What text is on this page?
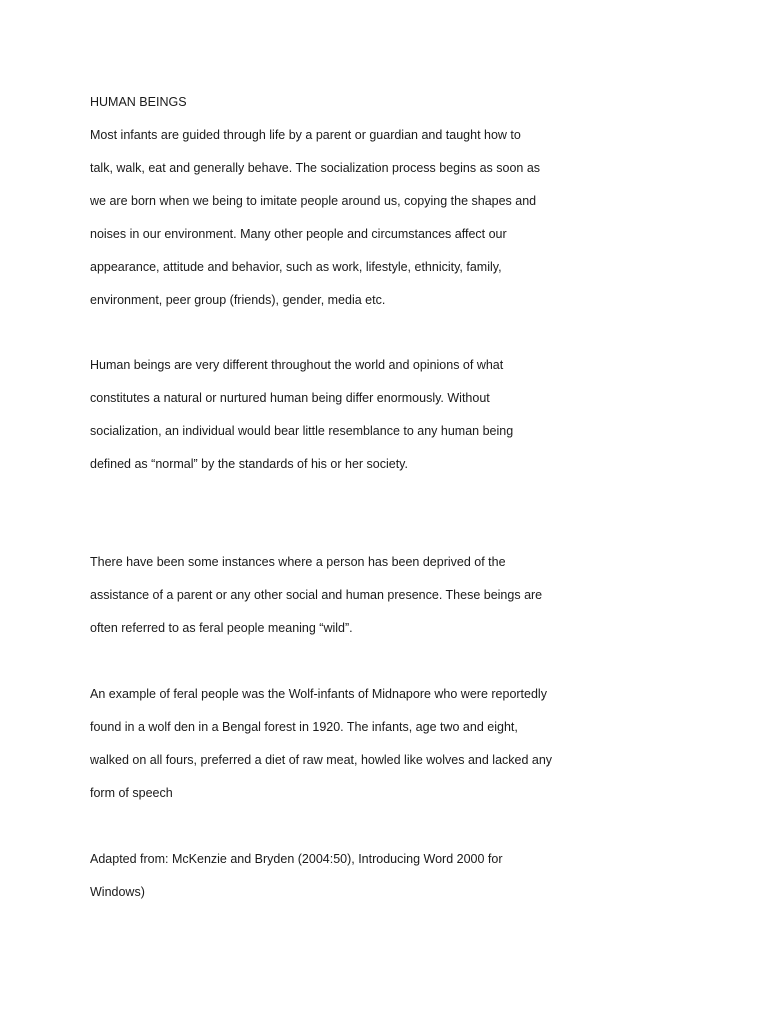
HUMAN BEINGS
Most infants are guided through life by a parent or guardian and taught how to
talk, walk, eat and generally behave. The socialization process begins as soon as
we are born when we being to imitate people around us, copying the shapes and
noises in our environment. Many other people and circumstances affect our
appearance, attitude and behavior, such as work, lifestyle, ethnicity, family,
environment, peer group (friends), gender, media etc.
Human beings are very different throughout the world and opinions of what
constitutes a natural or nurtured human being differ enormously. Without
socialization, an individual would bear little resemblance to any human being
defined as “normal” by the standards of his or her society.
There have been some instances where a person has been deprived of the
assistance of a parent or any other social and human presence. These beings are
often referred to as feral people meaning “wild”.
An example of feral people was the Wolf-infants of Midnapore who were reportedly
found in a wolf den in a Bengal forest in 1920. The infants, age two and eight,
walked on all fours, preferred a diet of raw meat, howled like wolves and lacked any
form of speech
Adapted from: McKenzie and Bryden (2004:50), Introducing Word 2000 for
Windows)
